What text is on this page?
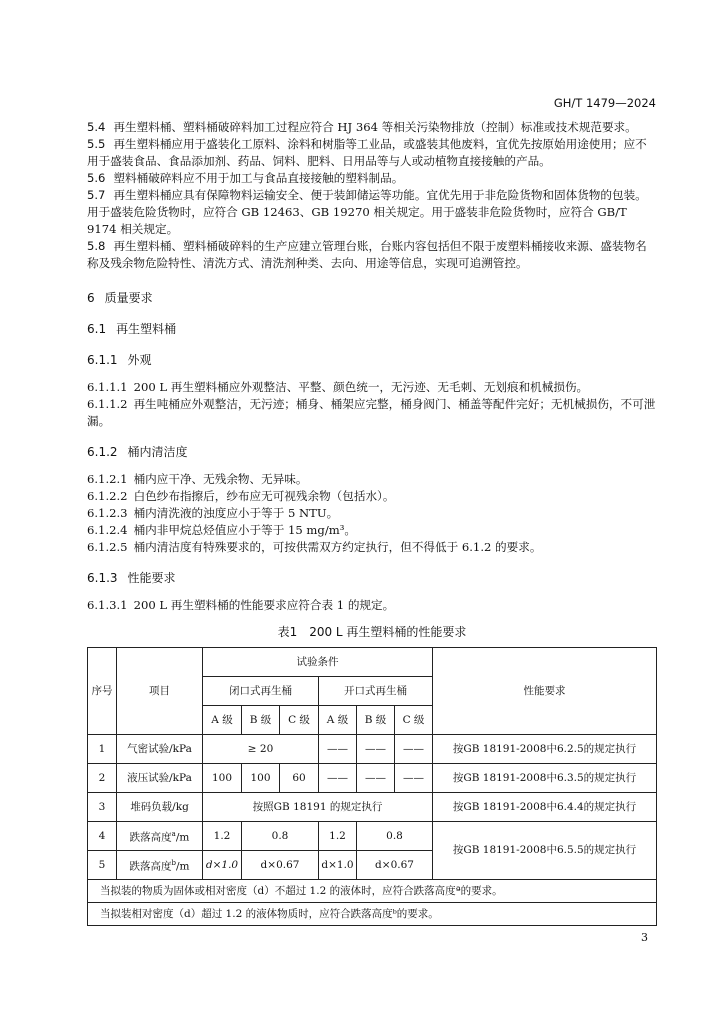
GH/T 1479—2024

5.4 再生塑料桶、塑料桶破碎料加工过程应符合 HJ 364 等相关污染物排放（控制）标准或技术规范要求。

5.5 再生塑料桶应用于盛装化工原料、涂料和树脂等工业品，或盛装其他废料，宜优先按原始用途使用；应不用于盛装食品、食品添加剂、药品、饲料、肥料、日用品等与人或动植物直接接触的产品。

5.6 塑料桶破碎料应不用于加工与食品直接接触的塑料制品。

5.7 再生塑料桶应具有保障物料运输安全、便于装卸储运等功能。宜优先用于非危险货物和固体货物的包装。用于盛装危险货物时，应符合 GB 12463、GB 19270 相关规定。用于盛装非危险货物时，应符合 GB/T 9174 相关规定。

5.8 再生塑料桶、塑料桶破碎料的生产应建立管理台账，台账内容包括但不限于废塑料桶接收来源、盛装物名称及残余物危险特性、清洗方式、清洗剂种类、去向、用途等信息，实现可追溯管控。

6 质量要求
6.1 再生塑料桶
6.1.1 外观

6.1.1.1 200 L 再生塑料桶应外观整洁、平整、颜色统一，无污迹、无毛刺、无划痕和机械损伤。

6.1.1.2 再生吨桶应外观整洁，无污迹；桶身、桶架应完整，桶身阀门、桶盖等配件完好；无机械损伤，不可泄漏。

6.1.2 桶内清洁度

6.1.2.1 桶内应干净、无残余物、无异味。

6.1.2.2 白色纱布指擦后，纱布应无可视残余物（包括水）。

6.1.2.3 桶内清洗液的浊度应小于等于 5 NTU。

6.1.2.4 桶内非甲烷总烃值应小于等于 15 mg/m³。

6.1.2.5 桶内清洁度有特殊要求的，可按供需双方约定执行，但不得低于 6.1.2 的要求。

6.1.3 性能要求

6.1.3.1 200 L 再生塑料桶的性能要求应符合表 1 的规定。

表1　200 L 再生塑料桶的性能要求
序号	项目	试验条件						性能要求
		闭口式再生桶			开口式再生桶			
		A 级	B 级	C 级	A 级	B 级	C 级	
1	气密试验/kPa	≥ 20			——	——	——	按GB 18191-2008中6.2.5的规定执行
2	液压试验/kPa	100	100	60	——	——	——	按GB 18191-2008中6.3.5的规定执行
3	堆码负载/kg	按照GB 18191 的规定执行						按GB 18191-2008中6.4.4的规定执行
4	跌落高度$^a$/m	1.2	0.8		1.2	0.8		按GB 18191-2008中6.5.5的规定执行
5	跌落高度$^b$/m	d×1.0	d×0.67		d×1.0	d×0.67		
当拟装的物质为固体或相对密度（d）不超过 1.2 的液体时，应符合跌落高度ª的要求。								
当拟装相对密度（d）超过 1.2 的液体物质时，应符合跌落高度ᵇ的要求。								
3
